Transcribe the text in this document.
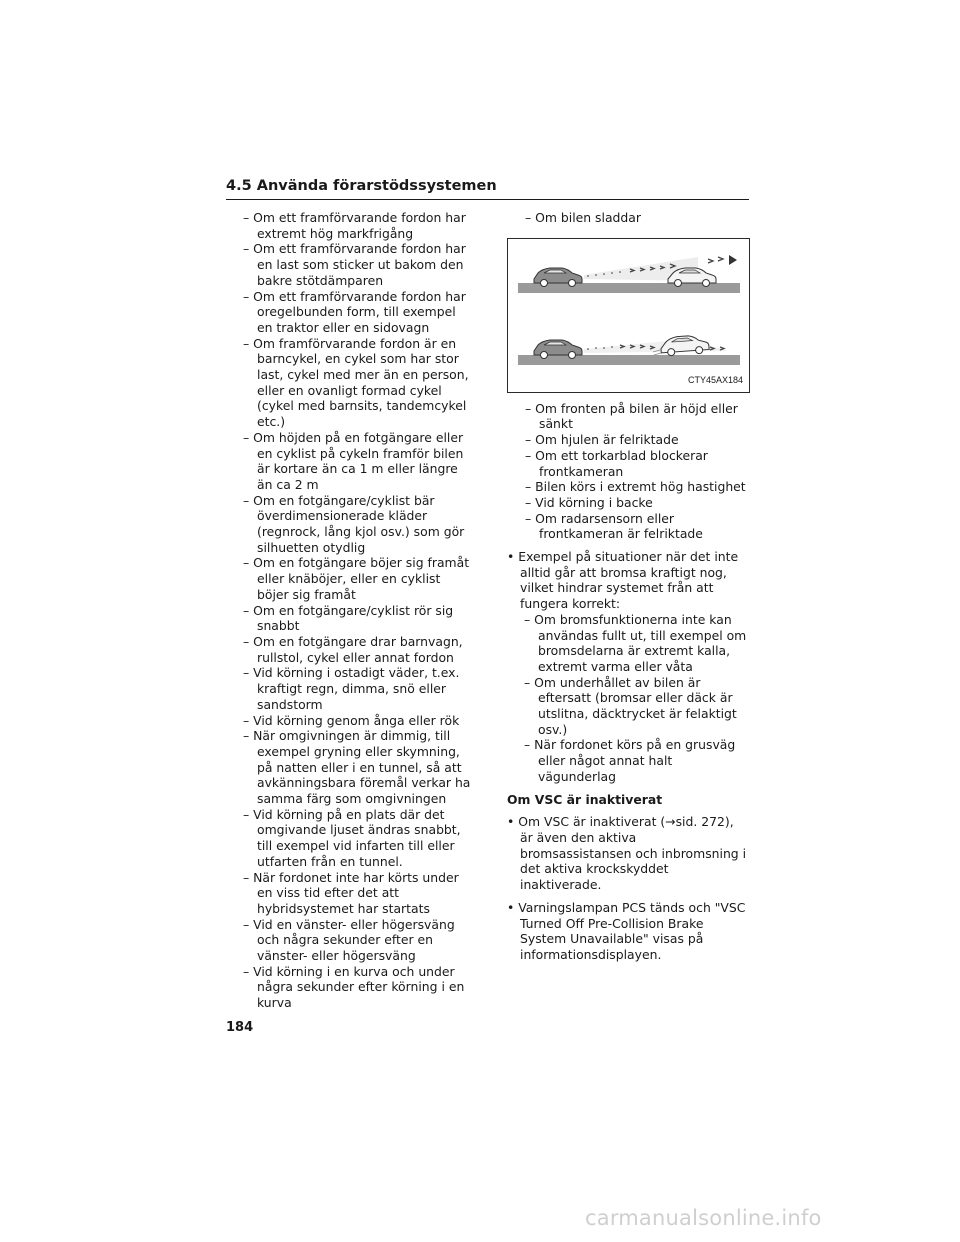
4.5 Använda förarstödssystemen

– Om ett framförvarande fordon har extremt hög markfrigång

– Om ett framförvarande fordon har en last som sticker ut bakom den bakre stötdämparen

– Om ett framförvarande fordon har oregelbunden form, till exempel en traktor eller en sidovagn

– Om framförvarande fordon är en barncykel, en cykel som har stor last, cykel med mer än en person, eller en ovanligt formad cykel (cykel med barnsits, tandemcykel etc.)

– Om höjden på en fotgängare eller en cyklist på cykeln framför bilen är kortare än ca 1 m eller längre än ca 2 m

– Om en fotgängare/cyklist bär överdimensionerade kläder (regnrock, lång kjol osv.) som gör silhuetten otydlig

– Om en fotgängare böjer sig framåt eller knäböjer, eller en cyklist böjer sig framåt

– Om en fotgängare/cyklist rör sig snabbt

– Om en fotgängare drar barnvagn, rullstol, cykel eller annat fordon

– Vid körning i ostadigt väder, t.ex. kraftigt regn, dimma, snö eller sandstorm

– Vid körning genom ånga eller rök

– När omgivningen är dimmig, till exempel gryning eller skymning, på natten eller i en tunnel, så att avkänningsbara föremål verkar ha samma färg som omgivningen

– Vid körning på en plats där det omgivande ljuset ändras snabbt, till exempel vid infarten till eller utfarten från en tunnel.

– När fordonet inte har körts under en viss tid efter det att hybridsystemet har startats

– Vid en vänster- eller högersväng och några sekunder efter en vänster- eller högersväng

– Vid körning i en kurva och under några sekunder efter körning i en kurva

– Om bilen sladdar

CTY45AX184

– Om fronten på bilen är höjd eller sänkt

– Om hjulen är felriktade

– Om ett torkarblad blockerar frontkameran

– Bilen körs i extremt hög hastighet

– Vid körning i backe

– Om radarsensorn eller frontkameran är felriktade

• Exempel på situationer när det inte alltid går att bromsa kraftigt nog, vilket hindrar systemet från att fungera korrekt:

– Om bromsfunktionerna inte kan användas fullt ut, till exempel om bromsdelarna är extremt kalla, extremt varma eller våta

– Om underhållet av bilen är eftersatt (bromsar eller däck är utslitna, däcktrycket är felaktigt osv.)

– När fordonet körs på en grusväg eller något annat halt vägunderlag

Om VSC är inaktiverat

• Om VSC är inaktiverat (→sid. 272), är även den aktiva bromsassistansen och inbromsning i det aktiva krockskyddet inaktiverade.

• Varningslampan PCS tänds och "VSC Turned Off Pre-Collision Brake System Unavailable" visas på informationsdisplayen.

184
carmanualsonline.info
